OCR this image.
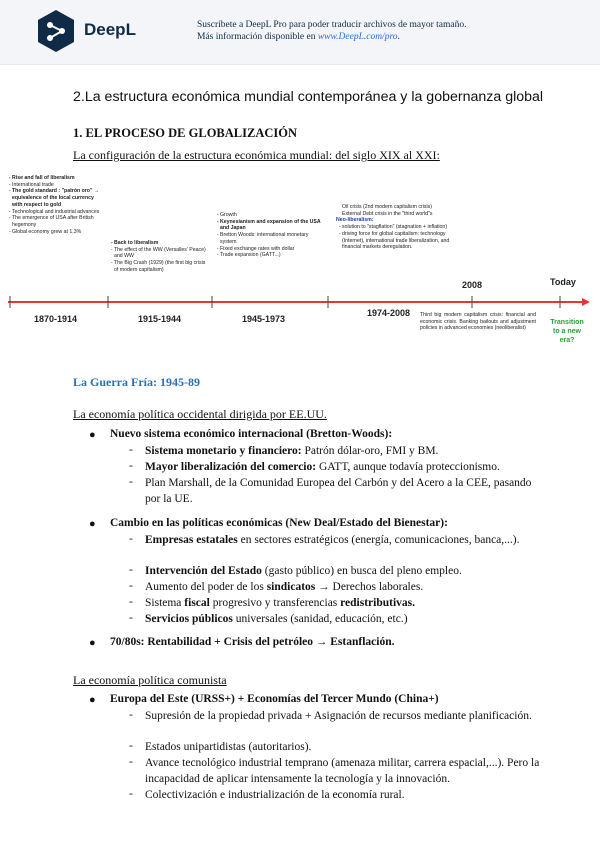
DeepL	Suscríbete a DeepL Pro para poder traducir archivos de mayor tamaño.
Más información disponible en www.DeepL.com/pro.
2.La estructura económica mundial contemporánea y la gobernanza global
1. EL PROCESO DE GLOBALIZACIÓN
La configuración de la estructura económica mundial: del siglo XIX al XXI:
- Rise and fall of liberalism
- International trade
- The gold standard : "patrón oro" → equivalence of the local currency with respect to gold
- Technological and industrial advances
- The emergence of USA after British hegemony
- Global economy grew at 1.3%
- Back to liberalism
- The effect of the WW (Versalles' Peace) and WW
- The Big Crash (1929) (the first big crisis of modern capitalism)
- Growth
- Keynesianism and expansion of the USA and Japan
- Bretton Woods: international monetary system
- Fixed exchange rates with dollar
- Trade expansion (GATT...)
Oil crisis (2nd modern capitalism crisis)
External Debt crisis in the "third world"s
Neo-liberalism:
- solution to "stagflation" (stagnation + inflation)
- driving force for global capitalism: technology (Internet), international trade liberalization, and financial markets deregulation.
1870-1914	1915-1944	1945-1973
1974-2008
2008	Today
Third big modern capitalism crisis: financial and economic crisis. Banking bailouts and adjustment policies in advanced economies (neoliberalist)
Transition
to a new
era?
La Guerra Fría: 1945-89
La economía política occidental dirigida por EE.UU.
● Nuevo sistema económico internacional (Bretton-Woods):
- Sistema monetario y financiero: Patrón dólar-oro, FMI y BM.
- Mayor liberalización del comercio: GATT, aunque todavía proteccionismo.
- Plan Marshall, de la Comunidad Europea del Carbón y del Acero a la CEE, pasando por la UE.
● Cambio en las políticas económicas (New Deal/Estado del Bienestar):
- Empresas estatales en sectores estratégicos (energía, comunicaciones, banca,...).
- Intervención del Estado (gasto público) en busca del pleno empleo.
- Aumento del poder de los sindicatos → Derechos laborales.
- Sistema fiscal progresivo y transferencias redistributivas.
- Servicios públicos universales (sanidad, educación, etc.)
● 70/80s: Rentabilidad + Crisis del petróleo → Estanflación.
La economía política comunista
● Europa del Este (URSS+) + Economías del Tercer Mundo (China+)
- Supresión de la propiedad privada + Asignación de recursos mediante planificación.
- Estados unipartidistas (autoritarios).
- Avance tecnológico industrial temprano (amenaza militar, carrera espacial,...). Pero la incapacidad de aplicar intensamente la tecnología y la innovación.
- Colectivización e industrialización de la economía rural.
